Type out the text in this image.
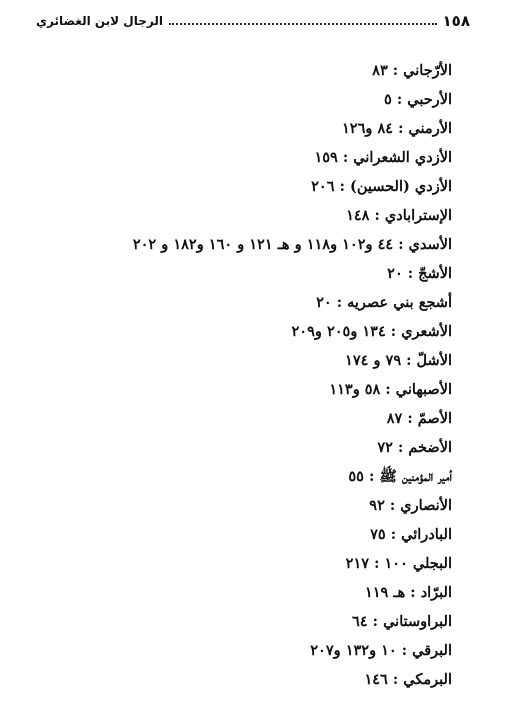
١٥٨
الرجال لابن الغضائري
الأرّجاني : ٨٣
الأرحبي : ٥
الأرمني : ٨٤ و١٢٦
الأزدي الشعراني : ١٥٩
الأزدي (الحسين) : ٢٠٦
الإسترابادي : ١٤٨
الأسدي : ٤٤ و١٠٢ و١١٨ و هـ ١٢١ و ١٦٠ و١٨٢ و ٢٠٢
الأشجّ : ٢٠
أشجع بني عصريه : ٢٠
الأشعري : ١٣٤ و٢٠٥ و٢٠٩
الأشلّ : ٧٩ و ١٧٤
الأصبهاني : ٥٨ و١١٣
الأصمّ : ٨٧
الأضخم : ٧٢
أمير المؤمنين ﷺ : ٥٥
الأنصاري : ٩٢
البادرائي : ٧٥
البجلي ١٠٠ : ٢١٧
البرّاد : هـ ١١٩
البراوستاني : ٦٤
البرقي : ١٠ و١٣٢ و٢٠٧
البرمكي : ١٤٦
